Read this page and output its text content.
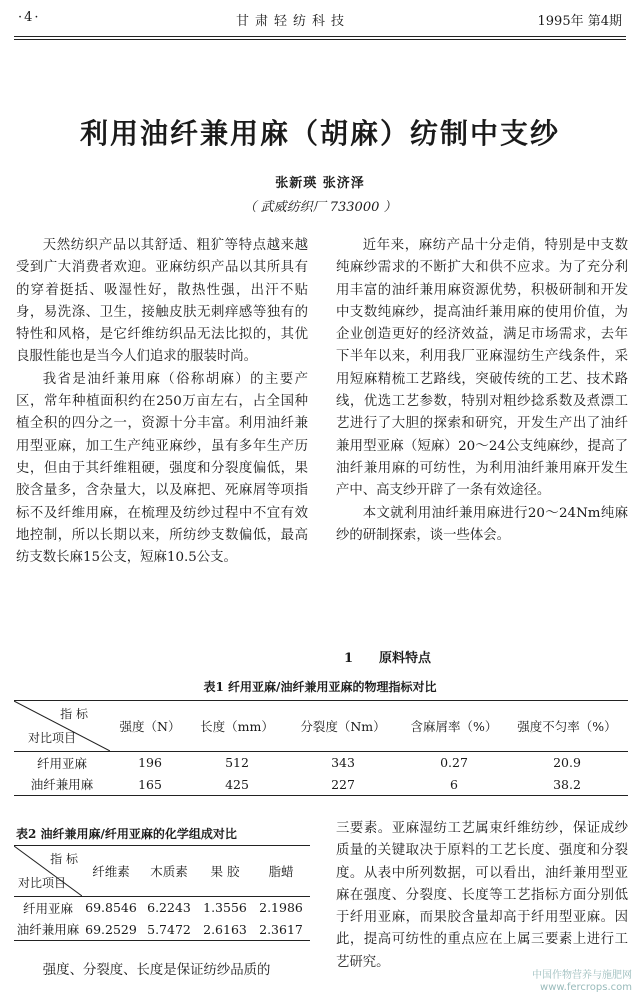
·4·	甘肃轻纺科技	1995年 第4期
利用油纤兼用麻（胡麻）纺制中支纱
张新瑛 张济泽
（ 武威纺织厂 733000 ）

天然纺织产品以其舒适、粗犷等特点越来越受到广大消费者欢迎。亚麻纺织产品以其所具有的穿着挺括、吸湿性好，散热性强，出汗不贴身，易洗涤、卫生，接触皮肤无刺痒感等独有的特性和风格，是它纤维纺织品无法比拟的，其优良服性能也是当今人们追求的服装时尚。

我省是油纤兼用麻（俗称胡麻）的主要产区，常年种植面积约在250万亩左右，占全国种植全积的四分之一，资源十分丰富。利用油纤兼用型亚麻，加工生产纯亚麻纱，虽有多年生产历史，但由于其纤维粗硬，强度和分裂度偏低，果胶含量多，含杂量大，以及麻把、死麻屑等项指标不及纤维用麻，在梳理及纺纱过程中不宜有效地控制，所以长期以来，所纺纱支数偏低，最高纺支数长麻15公支，短麻10.5公支。

近年来，麻纺产品十分走俏，特别是中支数纯麻纱需求的不断扩大和供不应求。为了充分利用丰富的油纤兼用麻资源优势，积极研制和开发中支数纯麻纱，提高油纤兼用麻的使用价值，为企业创造更好的经济效益，满足市场需求，去年下半年以来，利用我厂亚麻湿纺生产线条件，采用短麻精梳工艺路线，突破传统的工艺、技术路线，优选工艺参数，特别对粗纱捻系数及煮漂工艺进行了大胆的探索和研究，开发生产出了油纤兼用型亚麻（短麻）20～24公支纯麻纱，提高了油纤兼用麻的可纺性，为利用油纤兼用麻开发生产中、高支纱开辟了一条有效途径。

本文就利用油纤兼用麻进行20～24Nm纯麻纱的研制探索，谈一些体会。

1 原料特点
表1 纤用亚麻/油纤兼用亚麻的物理指标对比
指 标
对比项目	强度（N）	长度（mm）	分裂度（Nm）	含麻屑率（%）	强度不匀率（%）
纤用亚麻	196	512	343	0.27	20.9
油纤兼用麻	165	425	227	6	38.2
表2 油纤兼用麻/纤用亚麻的化学组成对比
指 标
对比项目	纤维素	木质素	果 胶	脂蜡
纤用亚麻	69.8546	6.2243	1.3556	2.1986
油纤兼用麻	69.2529	5.7472	2.6163	2.3617

三要素。亚麻湿纺工艺属束纤维纺纱，保证成纱质量的关键取决于原料的工艺长度、强度和分裂度。从表中所列数据，可以看出，油纤兼用型亚麻在强度、分裂度、长度等工艺指标方面分别低于纤用亚麻，而果胶含量却高于纤用型亚麻。因此，提高可纺性的重点应在上属三要素上进行工艺研究。

强度、分裂度、长度是保证纺纱品质的	中国作物营养与施肥网
www.fercrops.com
